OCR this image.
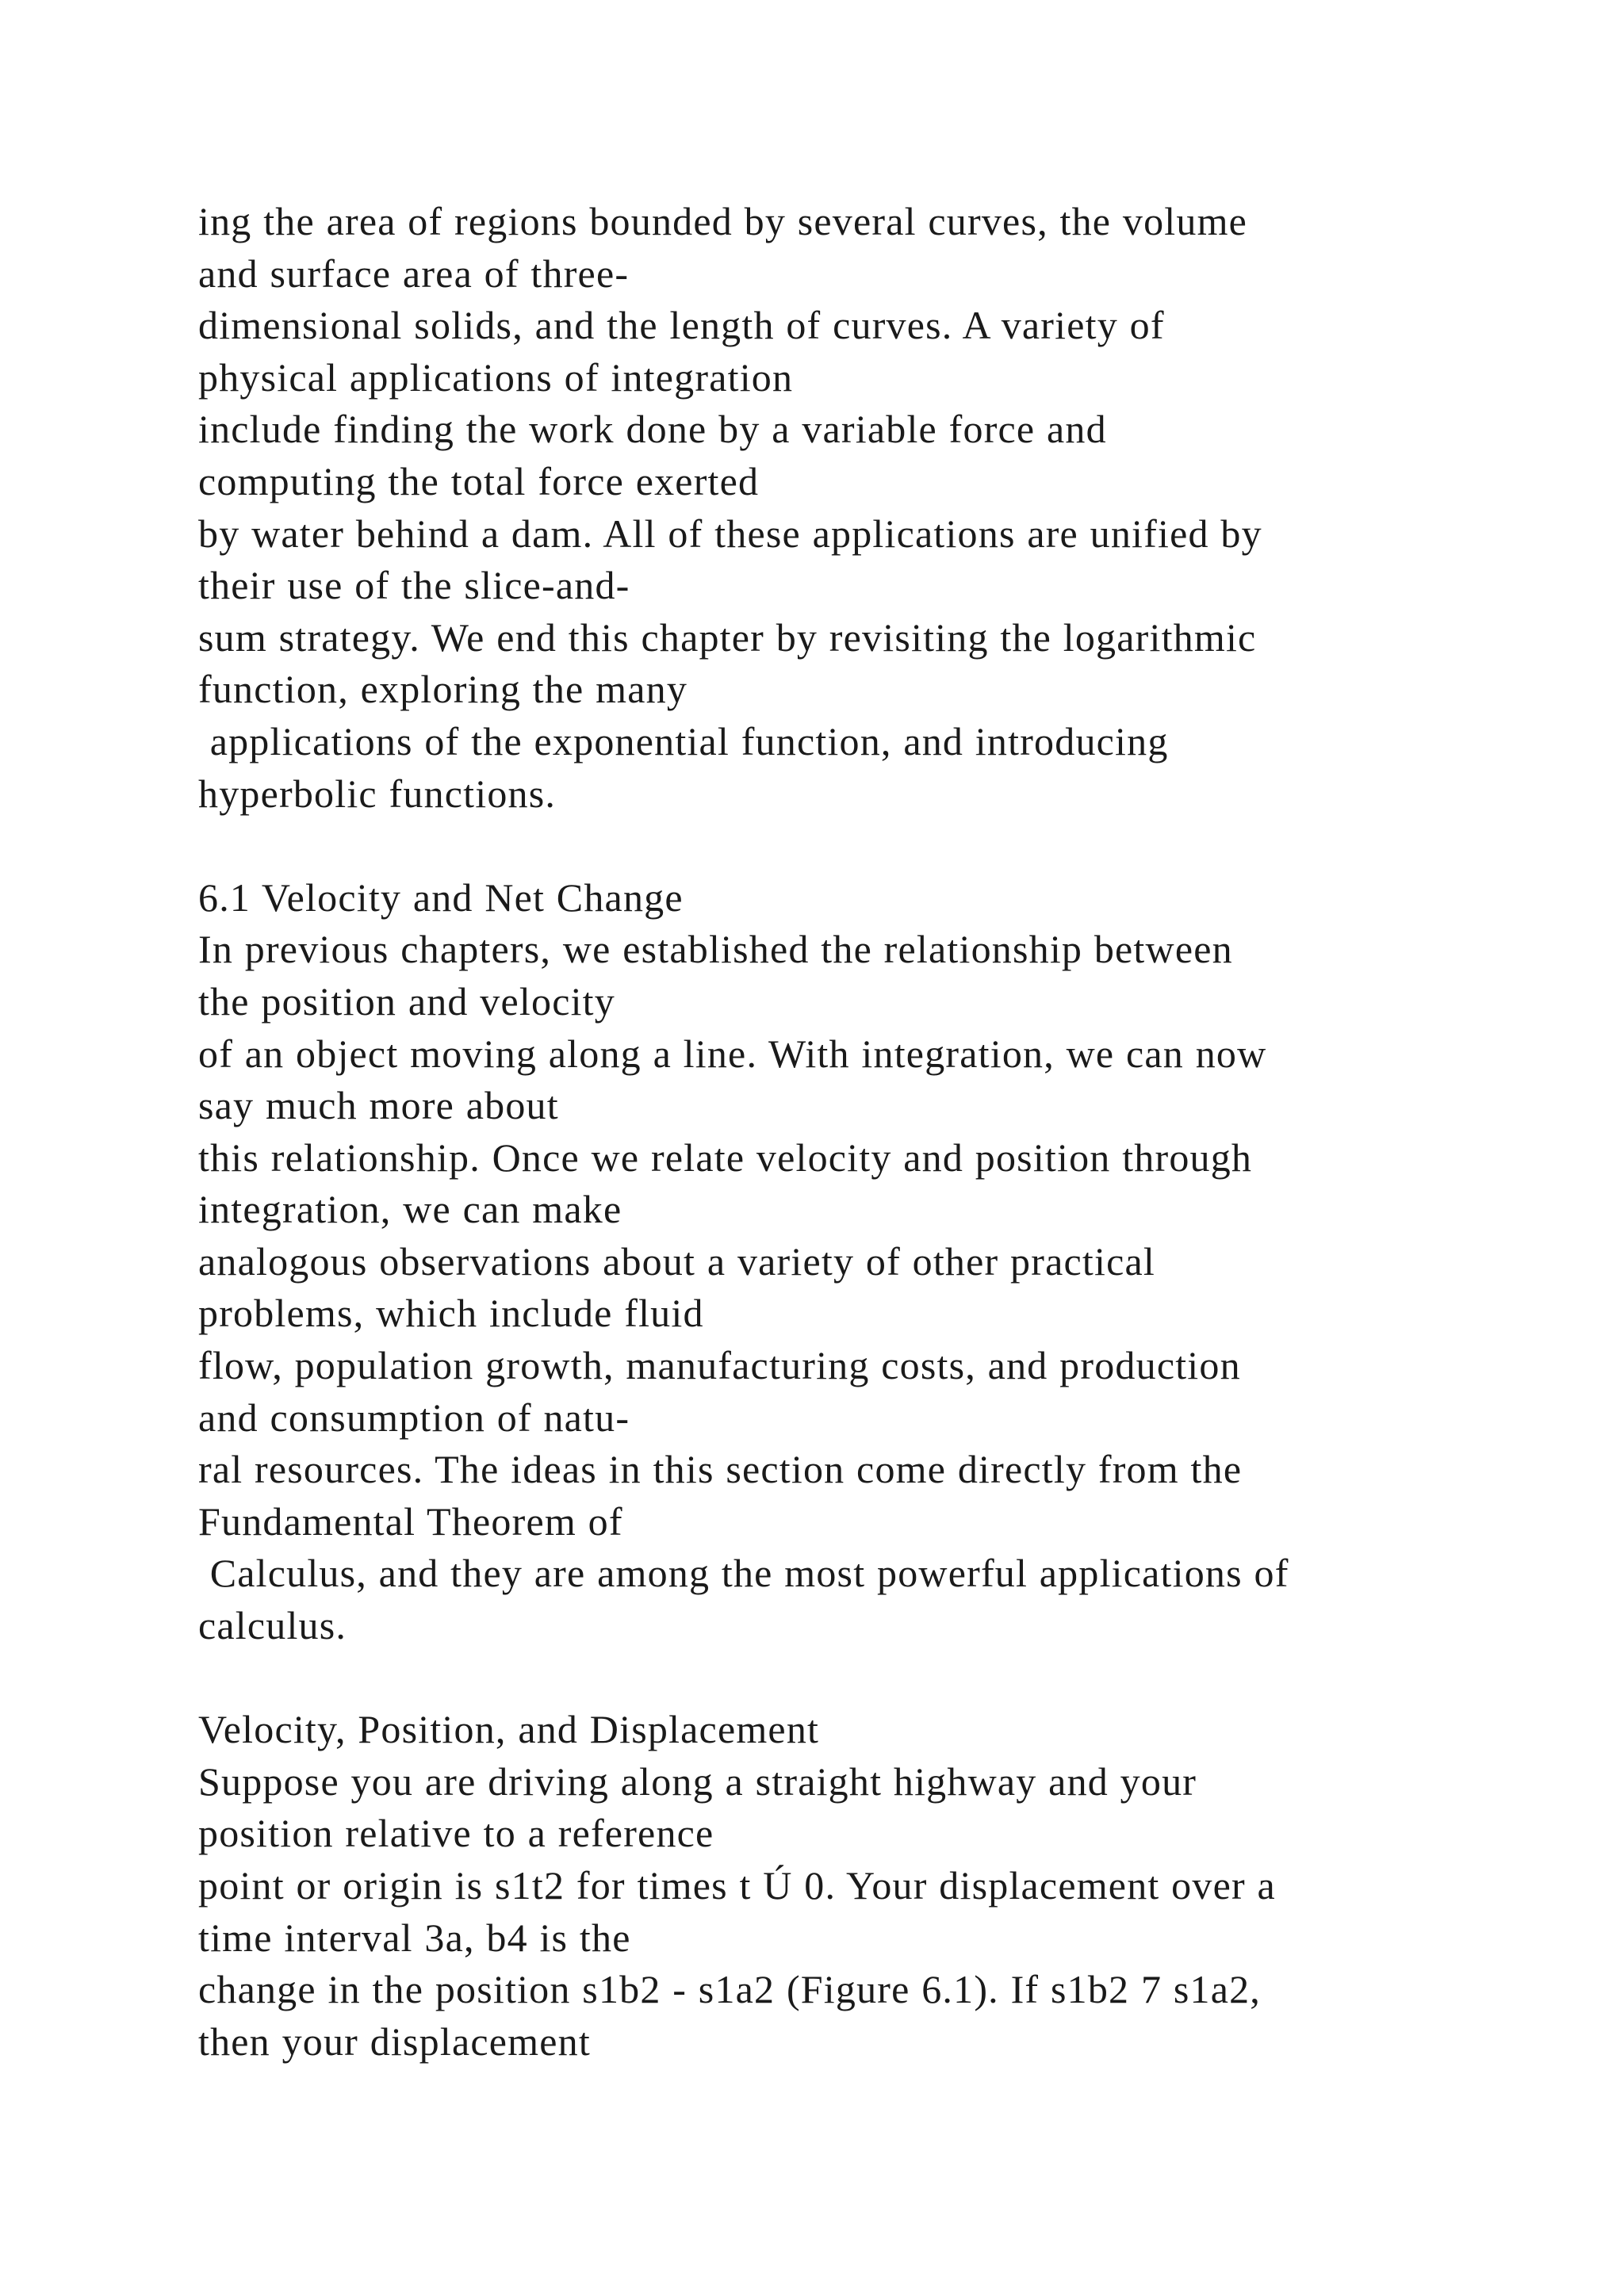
ing the area of regions bounded by several curves, the volume
and surface area of three-
dimensional solids, and the length of curves. A variety of
physical applications of integration
include finding the work done by a variable force and
computing the total force exerted
by water behind a dam. All of these applications are unified by
their use of the slice-and-
sum strategy. We end this chapter by revisiting the logarithmic
function, exploring the many
applications of the exponential function, and introducing
hyperbolic functions.
6.1 Velocity and Net Change
In previous chapters, we established the relationship between
the position and velocity
of an object moving along a line. With integration, we can now
say much more about
this relationship. Once we relate velocity and position through
integration, we can make
analogous observations about a variety of other practical
problems, which include fluid
flow, population growth, manufacturing costs, and production
and consumption of natu-
ral resources. The ideas in this section come directly from the
Fundamental Theorem of
Calculus, and they are among the most powerful applications of
calculus.
Velocity, Position, and Displacement
Suppose you are driving along a straight highway and your
position relative to a reference
point or origin is s1t2 for times t Ú 0. Your displacement over a
time interval 3a, b4 is the
change in the position s1b2 - s1a2 (Figure 6.1). If s1b2 7 s1a2,
then your displacement
